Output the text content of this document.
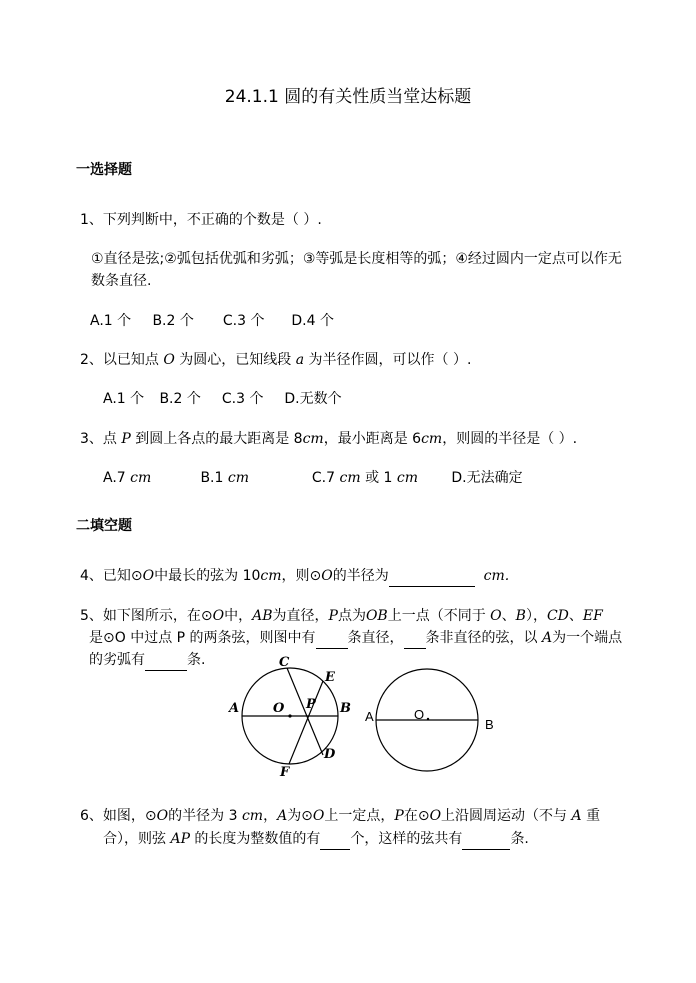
24.1.1 圆的有关性质当堂达标题
一选择题
1、下列判断中，不正确的个数是（ ）.
①直径是弦;②弧包括优弧和劣弧；③等弧是长度相等的弧；④经过圆内一定点可以作无
数条直径.
A.1 个 B.2 个 C.3 个 D.4 个
2、以已知点 O 为圆心，已知线段 a 为半径作圆，可以作（ ）.
A.1 个 B.2 个 C.3 个 D.无数个
3、点 P 到圆上各点的最大距离是 8cm，最小距离是 6cm，则圆的半径是（ ）.
A.7 cm	B.1 cm	C.7 cm 或 1 cm D.无法确定
二填空题
4、已知⊙O中最长的弦为 10cm，则⊙O的半径为	cm.
5、如下图所示，在⊙O中，AB为直径，P点为OB上一点（不同于 O、B），CD、EF
是⊙O 中过点 P 的两条弦，则图中有 条直径， 条非直径的弦，以 A为一个端点
的劣弧有	条.	C
E
A	O P B
D
F
A	O
B
6、如图，⊙O的半径为 3 cm，A为⊙O上一定点，P在⊙O上沿圆周运动（不与 A 重
合），则弦 AP 的长度为整数值的有 个，这样的弦共有	条.
